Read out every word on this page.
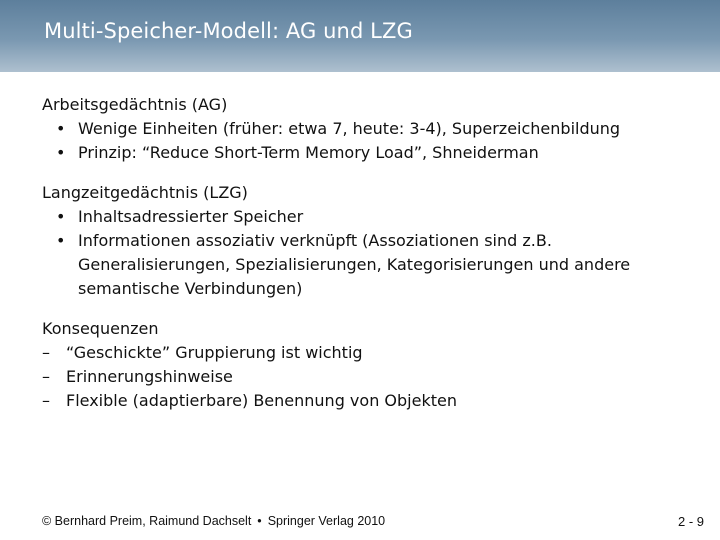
Multi-Speicher-Modell: AG und LZG
Arbeitsgedächtnis (AG)
• Wenige Einheiten (früher: etwa 7, heute: 3-4), Superzeichenbildung
• Prinzip: “Reduce Short-Term Memory Load”, Shneiderman
Langzeitgedächtnis (LZG)
• Inhaltsadressierter Speicher
• Informationen assoziativ verknüpft (Assoziationen sind z.B. Generalisierungen, Spezialisierungen, Kategorisierungen und andere semantische Verbindungen)
Konsequenzen
– “Geschickte” Gruppierung ist wichtig
– Erinnerungshinweise
– Flexible (adaptierbare) Benennung von Objekten
© Bernhard Preim, Raimund Dachselt • Springer Verlag 2010	2 - 9
